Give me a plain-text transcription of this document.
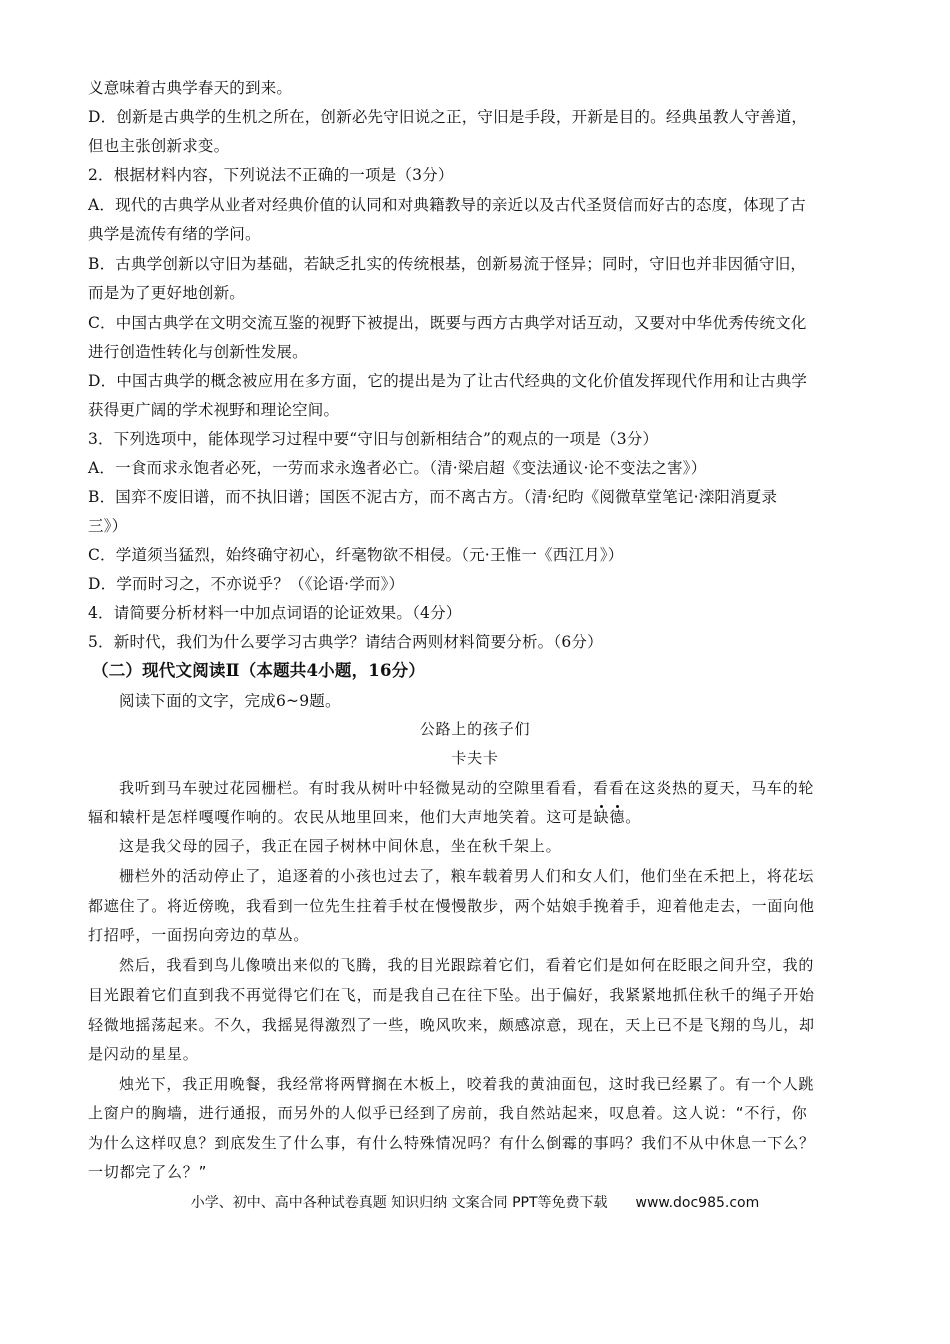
义意味着古典学春天的到来。
D．创新是古典学的生机之所在，创新必先守旧说之正，守旧是手段，开新是目的。经典虽教人守善道，
但也主张创新求变。
2．根据材料内容，下列说法不正确的一项是（3分）
A．现代的古典学从业者对经典价值的认同和对典籍教导的亲近以及古代圣贤信而好古的态度，体现了古
典学是流传有绪的学问。
B．古典学创新以守旧为基础，若缺乏扎实的传统根基，创新易流于怪异；同时，守旧也并非因循守旧，
而是为了更好地创新。
C．中国古典学在文明交流互鉴的视野下被提出，既要与西方古典学对话互动，又要对中华优秀传统文化
进行创造性转化与创新性发展。
D．中国古典学的概念被应用在多方面，它的提出是为了让古代经典的文化价值发挥现代作用和让古典学
获得更广阔的学术视野和理论空间。
3．下列选项中，能体现学习过程中要“守旧与创新相结合”的观点的一项是（3分）
A．一食而求永饱者必死，一劳而求永逸者必亡。（清·梁启超《变法通议·论不变法之害》）
B．国弈不废旧谱，而不执旧谱；国医不泥古方，而不离古方。（清·纪昀《阅微草堂笔记·滦阳消夏录
三》）
C．学道须当猛烈，始终确守初心，纤毫物欲不相侵。（元·王惟一《西江月》）
D．学而时习之，不亦说乎？（《论语·学而》）
4．请简要分析材料一中加点词语的论证效果。（4分）
5．新时代，我们为什么要学习古典学？请结合两则材料简要分析。（6分）
（二）现代文阅读Ⅱ（本题共4小题，16分）
阅读下面的文字，完成6~9题。
公路上的孩子们
卡夫卡
我听到马车驶过花园栅栏。有时我从树叶中轻微晃动的空隙里看看，看看在这炎热的夏天，马车的轮
辐和辕杆是怎样嘎嘎作响的。农民从地里回来，他们大声地笑着。这可是缺德。
这是我父母的园子，我正在园子树林中间休息，坐在秋千架上。
栅栏外的活动停止了，追逐着的小孩也过去了，粮车载着男人们和女人们，他们坐在禾把上，将花坛
都遮住了。将近傍晚，我看到一位先生拄着手杖在慢慢散步，两个姑娘手挽着手，迎着他走去，一面向他
打招呼，一面拐向旁边的草丛。
然后，我看到鸟儿像喷出来似的飞腾，我的目光跟踪着它们，看着它们是如何在眨眼之间升空，我的
目光跟着它们直到我不再觉得它们在飞，而是我自己在往下坠。出于偏好，我紧紧地抓住秋千的绳子开始
轻微地摇荡起来。不久，我摇晃得激烈了一些，晚风吹来，颇感凉意，现在，天上已不是飞翔的鸟儿，却
是闪动的星星。
烛光下，我正用晚餐，我经常将两臂搁在木板上，咬着我的黄油面包，这时我已经累了。有一个人跳
上窗户的胸墙，进行通报，而另外的人似乎已经到了房前，我自然站起来，叹息着。这人说：“不行，你
为什么这样叹息？到底发生了什么事，有什么特殊情况吗？有什么倒霉的事吗？我们不从中休息一下么？
一切都完了么？”
小学、初中、高中各种试卷真题 知识归纳 文案合同 PPT等免费下载 www.doc985.com
